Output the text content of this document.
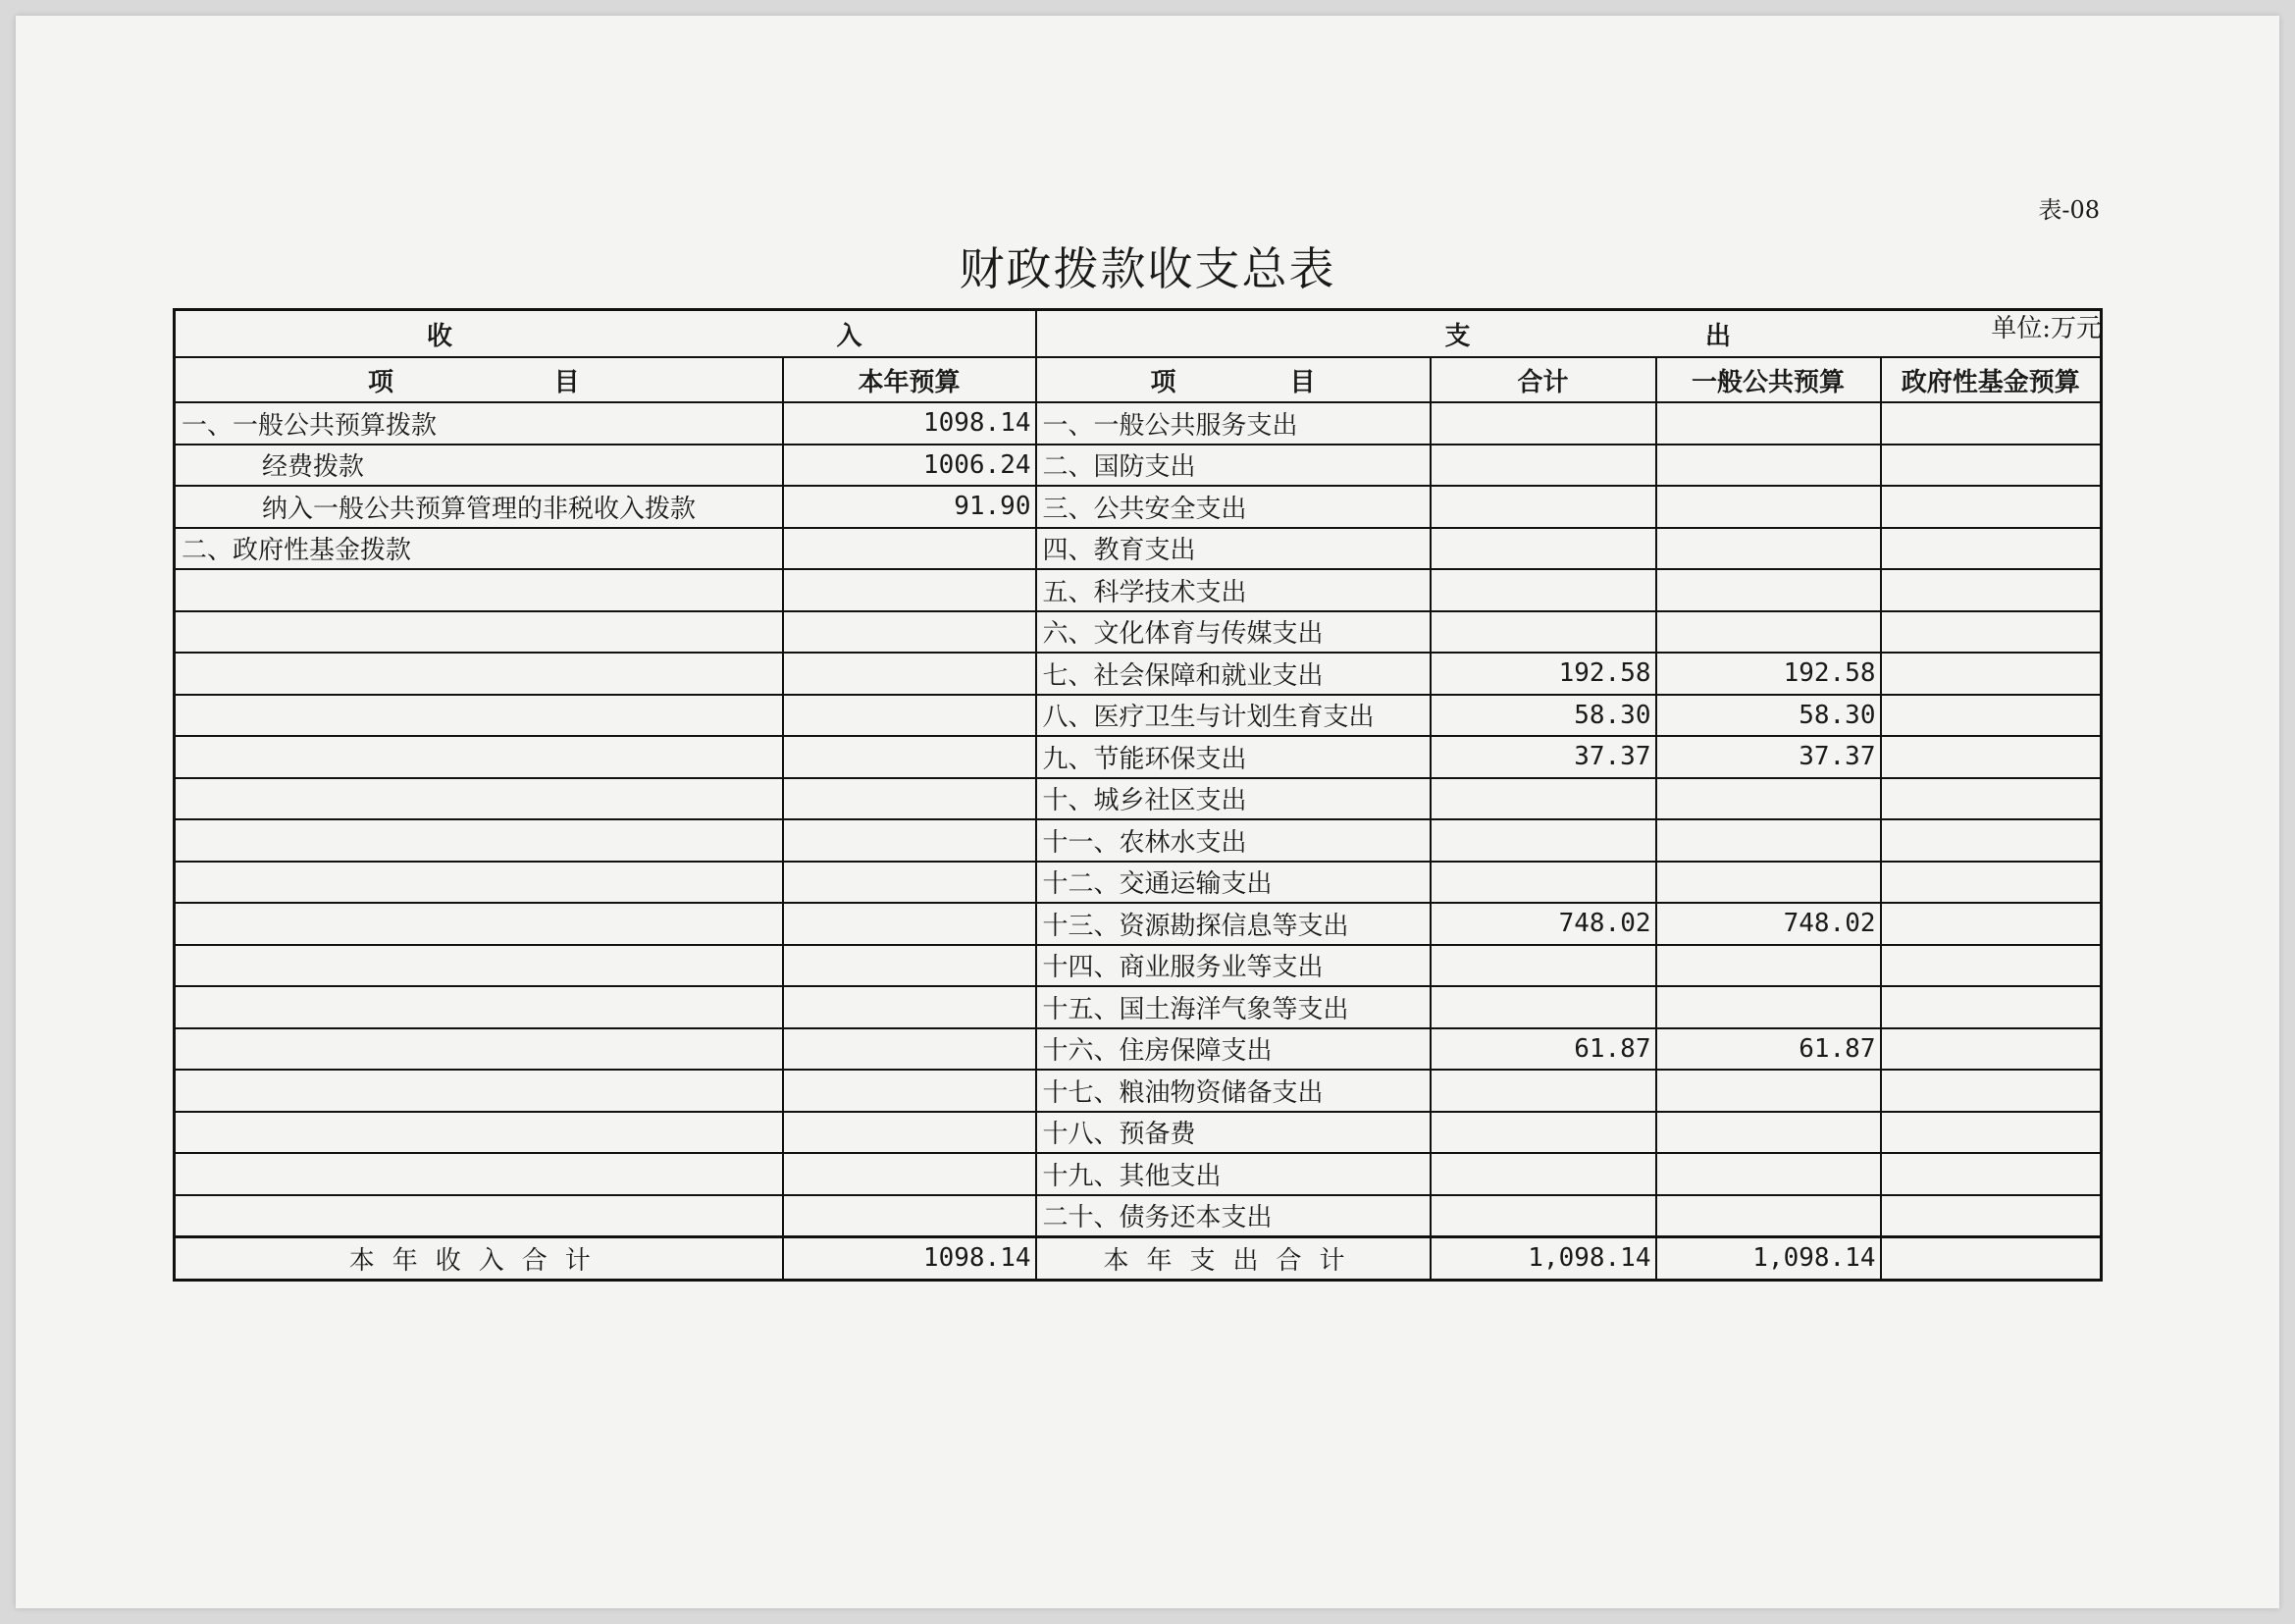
表-08

财政拨款收支总表
单位:万元
收入		支出			
项目	本年预算	项目	合计	一般公共预算	政府性基金预算
一、一般公共预算拨款	1098.14	一、一般公共服务支出			
经费拨款	1006.24	二、国防支出			
纳入一般公共预算管理的非税收入拨款	91.90	三、公共安全支出			
二、政府性基金拨款		四、教育支出			
		五、科学技术支出			
		六、文化体育与传媒支出			
		七、社会保障和就业支出	192.58	192.58	
		八、医疗卫生与计划生育支出	58.30	58.30	
		九、节能环保支出	37.37	37.37	
		十、城乡社区支出			
		十一、农林水支出			
		十二、交通运输支出			
		十三、资源勘探信息等支出	748.02	748.02	
		十四、商业服务业等支出			
		十五、国土海洋气象等支出			
		十六、住房保障支出	61.87	61.87	
		十七、粮油物资储备支出			
		十八、预备费			
		十九、其他支出			
		二十、债务还本支出			
本年收入合计	1098.14	本年支出合计	1,098.14	1,098.14	
